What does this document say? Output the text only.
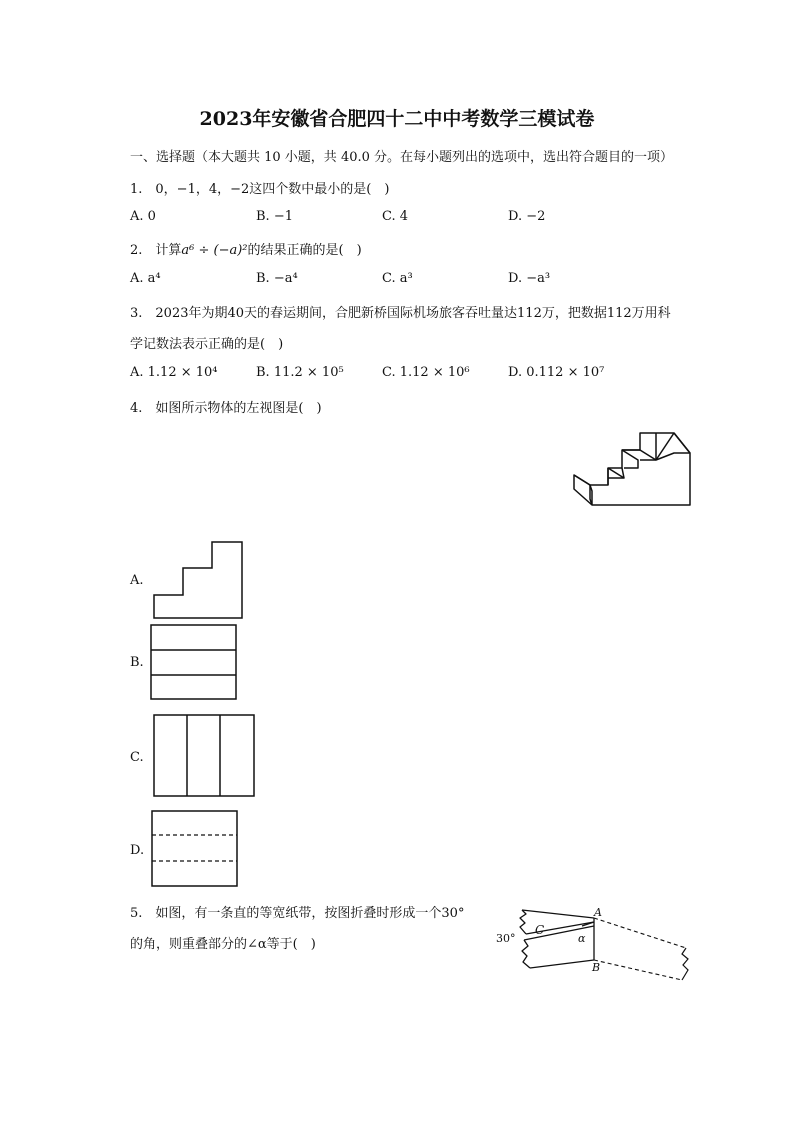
2023年安徽省合肥四十二中中考数学三模试卷
一、选择题（本大题共 10 小题，共 40.0 分。在每小题列出的选项中，选出符合题目的一项）
1.　0，−1，4，−2这四个数中最小的是(　)
A. 0	B. −1	C. 4	D. −2
2.　计算a⁶ ÷ (−a)²的结果正确的是(　)
A. a⁴	B. −a⁴	C. a³	D. −a³
3.　2023年为期40天的春运期间，合肥新桥国际机场旅客吞吐量达112万，把数据112万用科
学记数法表示正确的是(　)
A. 1.12 × 10⁴	B. 11.2 × 10⁵	C. 1.12 × 10⁶	D. 0.112 × 10⁷
4.　如图所示物体的左视图是(　)
A.
B.
C.
D.
5.　如图，有一条直的等宽纸带，按图折叠时形成一个30°
的角，则重叠部分的∠α等于(　)
A
B
C
α
30°
